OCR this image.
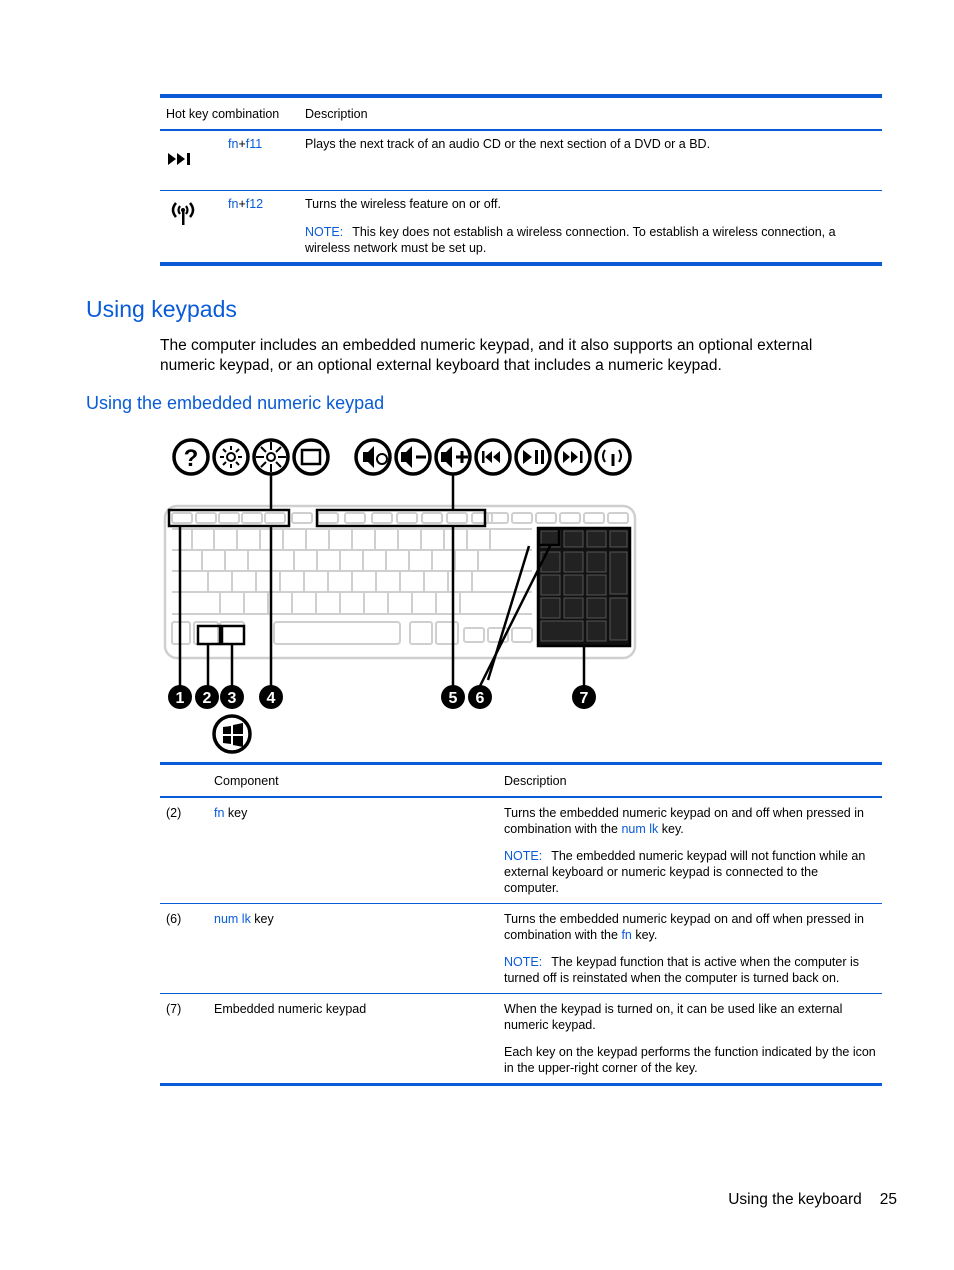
Hot key combination	Description

fn+f11	Plays the next track of an audio CD or the next section of a DVD or a BD.

fn+f12	Turns the wireless feature on or off.
NOTE: This key does not establish a wireless connection. To establish a wireless connection, a wireless network must be set up.
Using keypads

The computer includes an embedded numeric keypad, and it also supports an optional external numeric keypad, or an optional external keyboard that includes a numeric keypad.

Using the embedded numeric keypad
?
1 2 3 4	5 6	7
	Component	Description
(2)	fn key	Turns the embedded numeric keypad on and off when pressed in combination with the num lk key.
NOTE: The embedded numeric keypad will not function while an external keyboard or numeric keypad is connected to the computer.

(6)	num lk key	Turns the embedded numeric keypad on and off when pressed in combination with the fn key.
NOTE: The keypad function that is active when the computer is turned off is reinstated when the computer is turned back on.

(7)	Embedded numeric keypad	When the keypad is turned on, it can be used like an external numeric keypad.
Each key on the keypad performs the function indicated by the icon in the upper-right corner of the key.
Using the keyboard 25
